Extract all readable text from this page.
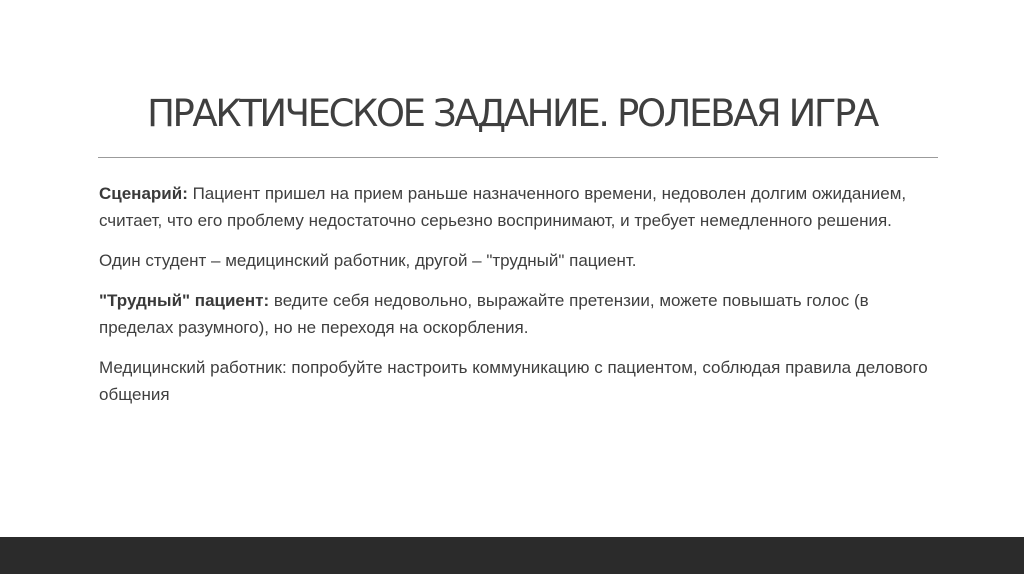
ПРАКТИЧЕСКОЕ ЗАДАНИЕ. РОЛЕВАЯ ИГРА

Сценарий: Пациент пришел на прием раньше назначенного времени, недоволен долгим ожиданием, считает, что его проблему недостаточно серьезно воспринимают, и требует немедленного решения.

Один студент – медицинский работник, другой – "трудный" пациент.

"Трудный" пациент: ведите себя недовольно, выражайте претензии, можете повышать голос (в пределах разумного), но не переходя на оскорбления.

Медицинский работник: попробуйте настроить коммуникацию с пациентом, соблюдая правила делового общения
